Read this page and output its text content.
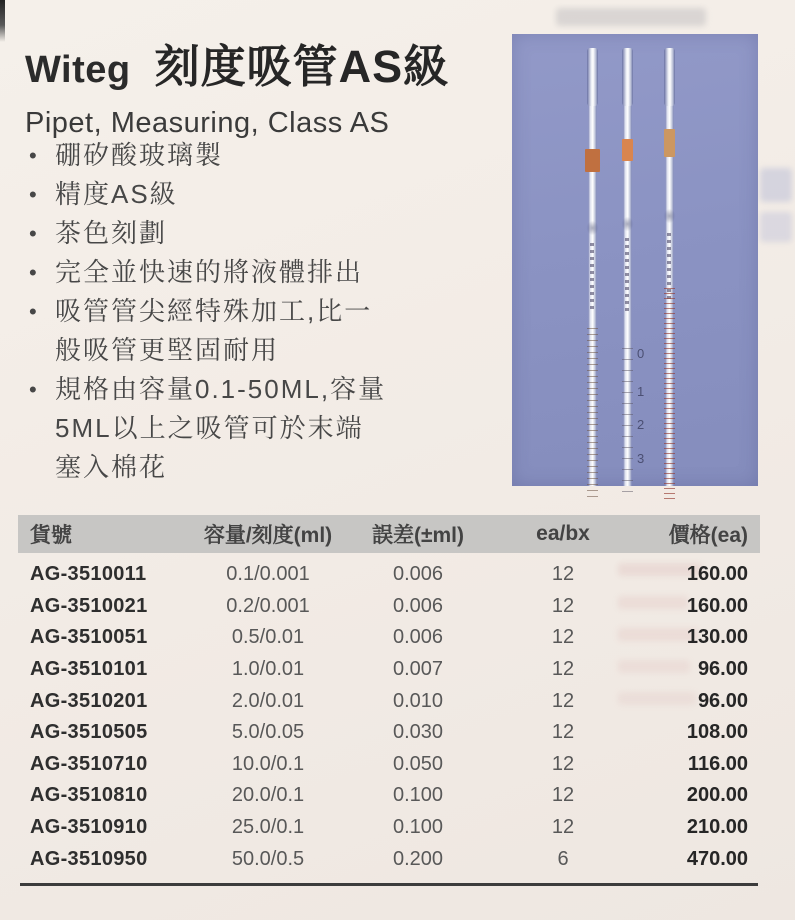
Witeg 刻度吸管AS級
Pipet, Measuring, Class AS
• 硼矽酸玻璃製
• 精度AS級
• 茶色刻劃
• 完全並快速的將液體排出
• 吸管管尖經特殊加工,比一
般吸管更堅固耐用
• 規格由容量0.1-50ML,容量
5ML以上之吸管可於末端
塞入棉花
0
1
2
3
貨號	容量/刻度(ml)	誤差(±ml)	ea/bx	價格(ea)
AG-3510011	0.1/0.001	0.006	12	160.00
AG-3510021	0.2/0.001	0.006	12	160.00
AG-3510051	0.5/0.01	0.006	12	130.00
AG-3510101	1.0/0.01	0.007	12	96.00
AG-3510201	2.0/0.01	0.010	12	96.00
AG-3510505	5.0/0.05	0.030	12	108.00
AG-3510710	10.0/0.1	0.050	12	116.00
AG-3510810	20.0/0.1	0.100	12	200.00
AG-3510910	25.0/0.1	0.100	12	210.00
AG-3510950	50.0/0.5	0.200	6	470.00
